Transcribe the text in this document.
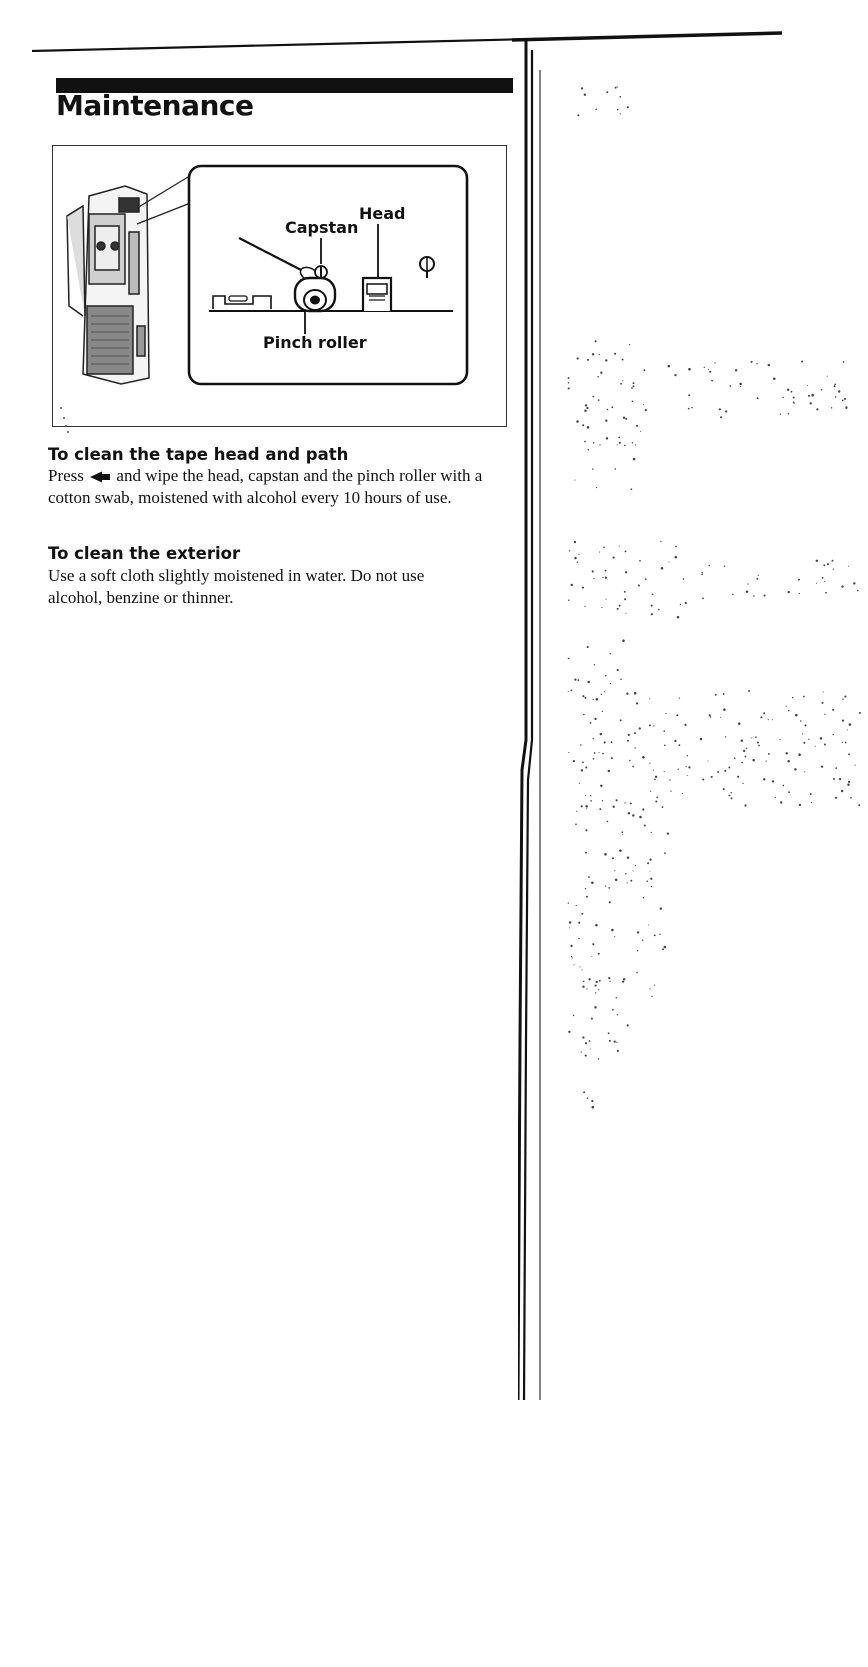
Maintenance
Capstan
Head
Pinch roller
To clean the tape head and path
Press and wipe the head, capstan and the pinch roller with a cotton swab, moistened with alcohol every 10 hours of use.
To clean the exterior
Use a soft cloth slightly moistened in water. Do not use alcohol, benzine or thinner.
